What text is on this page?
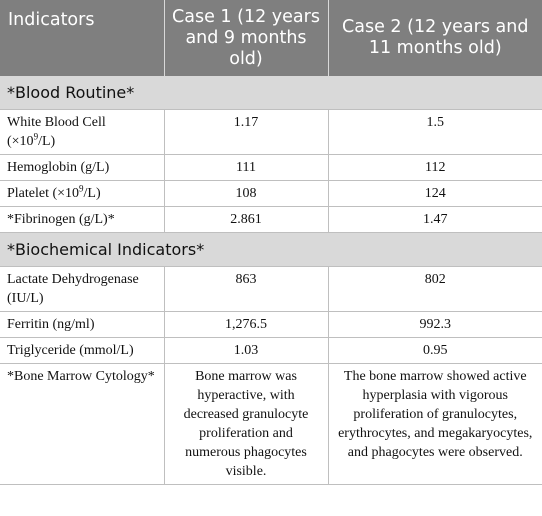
Indicators	Case 1 (12 years and 9 months old)	Case 2 (12 years and 11 months old)
*Blood Routine*		
White Blood Cell $(\times 10^9/L)$	1.17	1.5
Hemoglobin (g/L)	111	112
Platelet $(\times 10^9/L)$	108	124
*Fibrinogen (g/L)*	2.861	1.47
*Biochemical Indicators*		
Lactate Dehydrogenase (IU/L)	863	802
Ferritin (ng/ml)	1,276.5	992.3
Triglyceride (mmol/L)	1.03	0.95
*Bone Marrow Cytology*	Bone marrow was hyperactive, with decreased granulocyte proliferation and numerous phagocytes visible.	The bone marrow showed active hyperplasia with vigorous proliferation of granulocytes, erythrocytes, and megakaryocytes, and phagocytes were observed.
